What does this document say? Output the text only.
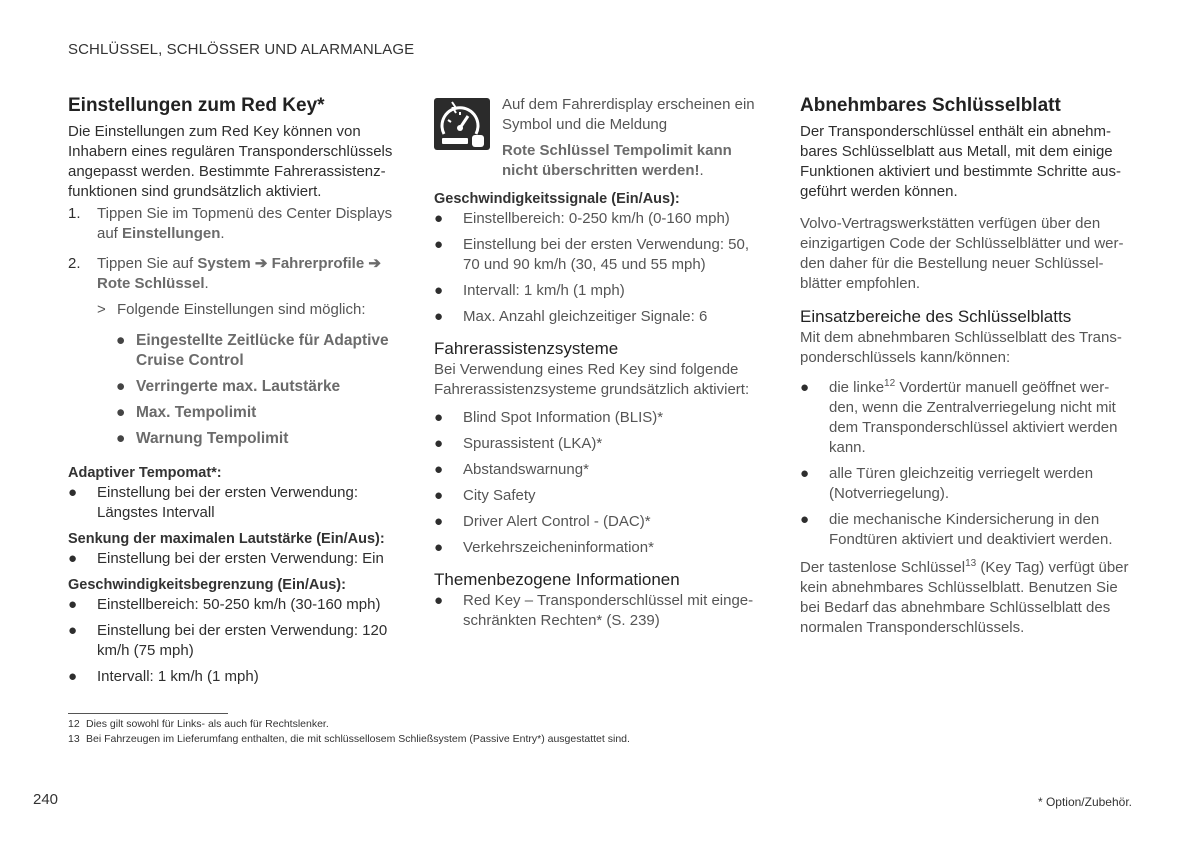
SCHLÜSSEL, SCHLÖSSER UND ALARMANLAGE
Einstellungen zum Red Key*

Die Einstellungen zum Red Key können von Inhabern eines regulären Transponderschlüssels angepasst werden. Bestimmte Fahrerassistenzfunktionen sind grundsätzlich aktiviert.

1.	Tippen Sie im Topmenü des Center Displays auf Einstellungen.
2.	Tippen Sie auf System ➔ Fahrerprofile ➔ Rote Schlüssel.
> Folgende Einstellungen sind möglich:
● Eingestellte Zeitlücke für Adaptive Cruise Control
● Verringerte max. Lautstärke
● Max. Tempolimit
● Warnung Tempolimit
Adaptiver Tempomat*:
●	Einstellung bei der ersten Verwendung: Längstes Intervall
Senkung der maximalen Lautstärke (Ein/Aus):
●	Einstellung bei der ersten Verwendung: Ein
Geschwindigkeitsbegrenzung (Ein/Aus):
●	Einstellbereich: 50-250 km/h (30-160 mph)
●	Einstellung bei der ersten Verwendung: 120 km/h (75 mph)
●	Intervall: 1 km/h (1 mph)

Auf dem Fahrerdisplay erscheinen ein Symbol und die Meldung

Rote Schlüssel Tempolimit kann nicht überschritten werden!.

Geschwindigkeitssignale (Ein/Aus):
●	Einstellbereich: 0-250 km/h (0-160 mph)
●	Einstellung bei der ersten Verwendung: 50, 70 und 90 km/h (30, 45 und 55 mph)
●	Intervall: 1 km/h (1 mph)
●	Max. Anzahl gleichzeitiger Signale: 6
Fahrerassistenzsysteme

Bei Verwendung eines Red Key sind folgende Fahrerassistenzsysteme grundsätzlich aktiviert:

●	Blind Spot Information (BLIS)*
●	Spurassistent (LKA)*
●	Abstandswarnung*
●	City Safety
●	Driver Alert Control - (DAC)*
●	Verkehrszeicheninformation*
Themenbezogene Informationen
●	Red Key – Transponderschlüssel mit eingeschränkten Rechten* (S. 239)
Abnehmbares Schlüsselblatt

Der Transponderschlüssel enthält ein abnehmbares Schlüsselblatt aus Metall, mit dem einige Funktionen aktiviert und bestimmte Schritte ausgeführt werden können.

Volvo-Vertragswerkstätten verfügen über den einzigartigen Code der Schlüsselblätter und werden daher für die Bestellung neuer Schlüsselblätter empfohlen.

Einsatzbereiche des Schlüsselblatts

Mit dem abnehmbaren Schlüsselblatt des Transponderschlüssels kann/können:

●	die linke$^{12}$ Vordertür manuell geöffnet werden, wenn die Zentralverriegelung nicht mit dem Transponderschlüssel aktiviert werden kann.
●	alle Türen gleichzeitig verriegelt werden (Notverriegelung).
●	die mechanische Kindersicherung in den Fondtüren aktiviert und deaktiviert werden.

Der tastenlose Schlüssel$^{13}$ (Key Tag) verfügt über kein abnehmbares Schlüsselblatt. Benutzen Sie bei Bedarf das abnehmbare Schlüsselblatt des normalen Transponderschlüssels.

12 Dies gilt sowohl für Links- als auch für Rechtslenker.
13 Bei Fahrzeugen im Lieferumfang enthalten, die mit schlüssellosem Schließsystem (Passive Entry*) ausgestattet sind.
240	* Option/Zubehör.
